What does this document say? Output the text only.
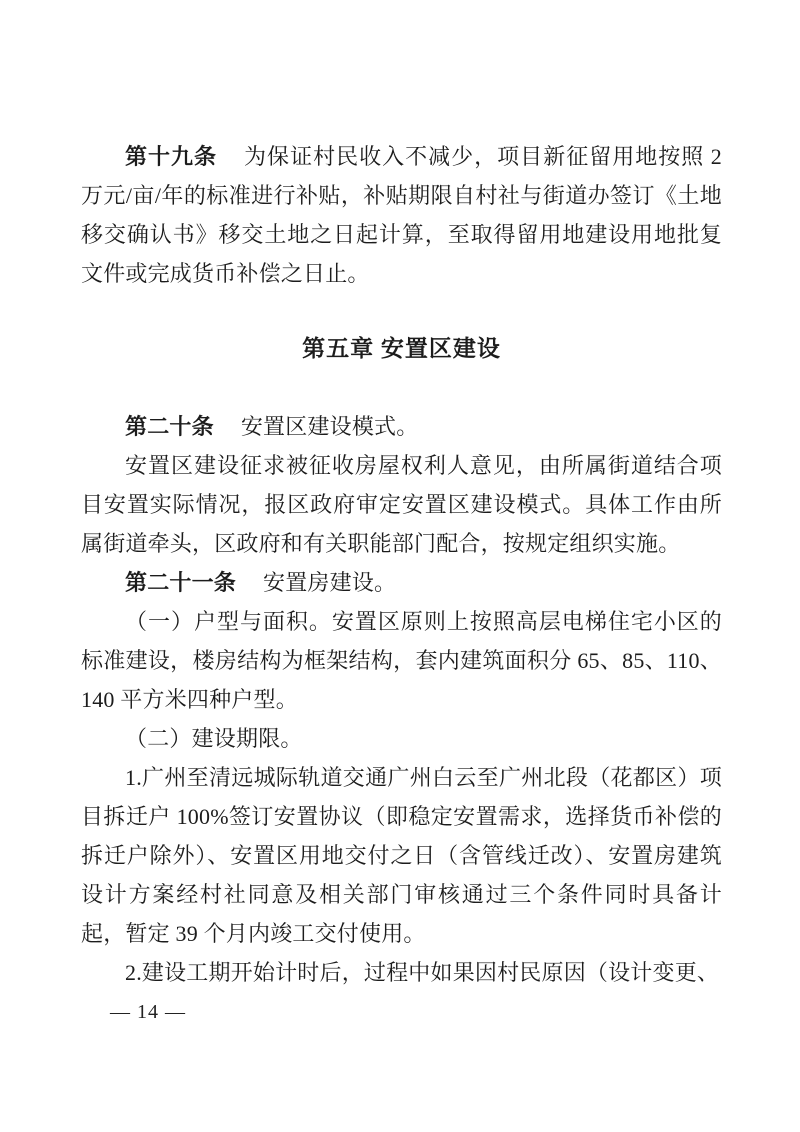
第十九条 为保证村民收入不减少，项目新征留用地按照 2万元/亩/年的标准进行补贴，补贴期限自村社与街道办签订《土地移交确认书》移交土地之日起计算，至取得留用地建设用地批复文件或完成货币补偿之日止。

第五章 安置区建设

第二十条 安置区建设模式。

安置区建设征求被征收房屋权利人意见，由所属街道结合项目安置实际情况，报区政府审定安置区建设模式。具体工作由所属街道牵头，区政府和有关职能部门配合，按规定组织实施。

第二十一条 安置房建设。

（一）户型与面积。安置区原则上按照高层电梯住宅小区的标准建设，楼房结构为框架结构，套内建筑面积分 65、85、110、140 平方米四种户型。

（二）建设期限。

1.广州至清远城际轨道交通广州白云至广州北段（花都区）项目拆迁户 100%签订安置协议（即稳定安置需求，选择货币补偿的拆迁户除外）、安置区用地交付之日（含管线迁改）、安置房建筑设计方案经村社同意及相关部门审核通过三个条件同时具备计起，暂定 39 个月内竣工交付使用。

2.建设工期开始计时后，过程中如果因村民原因（设计变更、

— 14 —
